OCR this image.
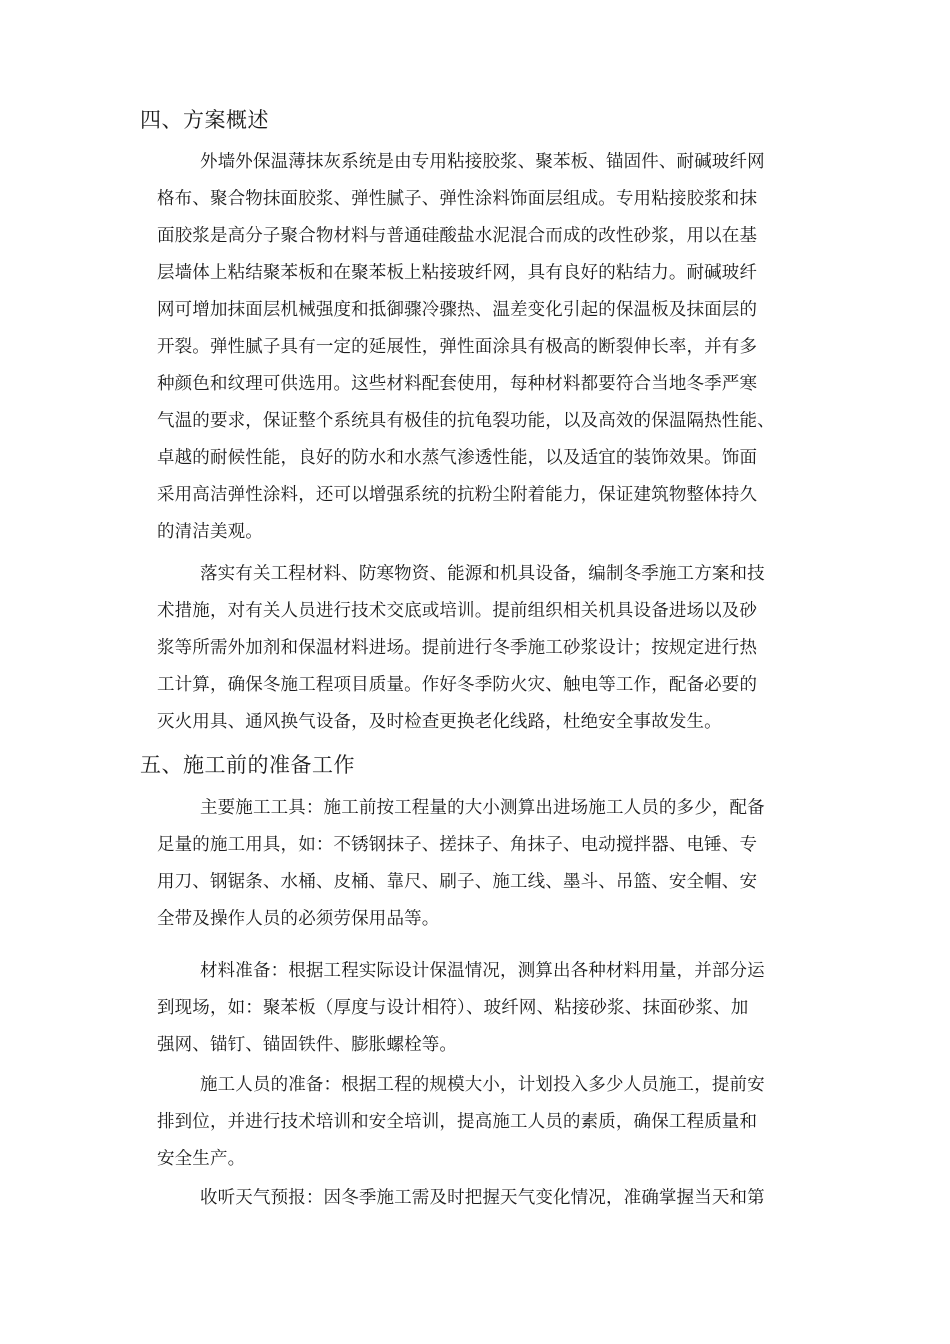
四、方案概述
外墙外保温薄抹灰系统是由专用粘接胶浆、聚苯板、锚固件、耐碱玻纤网
格布、聚合物抹面胶浆、弹性腻子、弹性涂料饰面层组成。专用粘接胶浆和抹
面胶浆是高分子聚合物材料与普通硅酸盐水泥混合而成的改性砂浆，用以在基
层墙体上粘结聚苯板和在聚苯板上粘接玻纤网，具有良好的粘结力。耐碱玻纤
网可增加抹面层机械强度和抵御骤冷骤热、温差变化引起的保温板及抹面层的
开裂。弹性腻子具有一定的延展性，弹性面涂具有极高的断裂伸长率，并有多
种颜色和纹理可供选用。这些材料配套使用，每种材料都要符合当地冬季严寒
气温的要求，保证整个系统具有极佳的抗龟裂功能，以及高效的保温隔热性能、
卓越的耐候性能，良好的防水和水蒸气渗透性能，以及适宜的装饰效果。饰面
采用高洁弹性涂料，还可以增强系统的抗粉尘附着能力，保证建筑物整体持久
的清洁美观。
落实有关工程材料、防寒物资、能源和机具设备，编制冬季施工方案和技
术措施，对有关人员进行技术交底或培训。提前组织相关机具设备进场以及砂
浆等所需外加剂和保温材料进场。提前进行冬季施工砂浆设计；按规定进行热
工计算，确保冬施工程项目质量。作好冬季防火灾、触电等工作，配备必要的
灭火用具、通风换气设备，及时检查更换老化线路，杜绝安全事故发生。
五、施工前的准备工作
主要施工工具：施工前按工程量的大小测算出进场施工人员的多少，配备
足量的施工用具，如：不锈钢抹子、搓抹子、角抹子、电动搅拌器、电锤、专
用刀、钢锯条、水桶、皮桶、靠尺、刷子、施工线、墨斗、吊篮、安全帽、安
全带及操作人员的必须劳保用品等。
材料准备：根据工程实际设计保温情况，测算出各种材料用量，并部分运
到现场，如：聚苯板（厚度与设计相符）、玻纤网、粘接砂浆、抹面砂浆、加
强网、锚钉、锚固铁件、膨胀螺栓等。
施工人员的准备：根据工程的规模大小，计划投入多少人员施工，提前安
排到位，并进行技术培训和安全培训，提高施工人员的素质，确保工程质量和
安全生产。
收听天气预报：因冬季施工需及时把握天气变化情况，准确掌握当天和第
